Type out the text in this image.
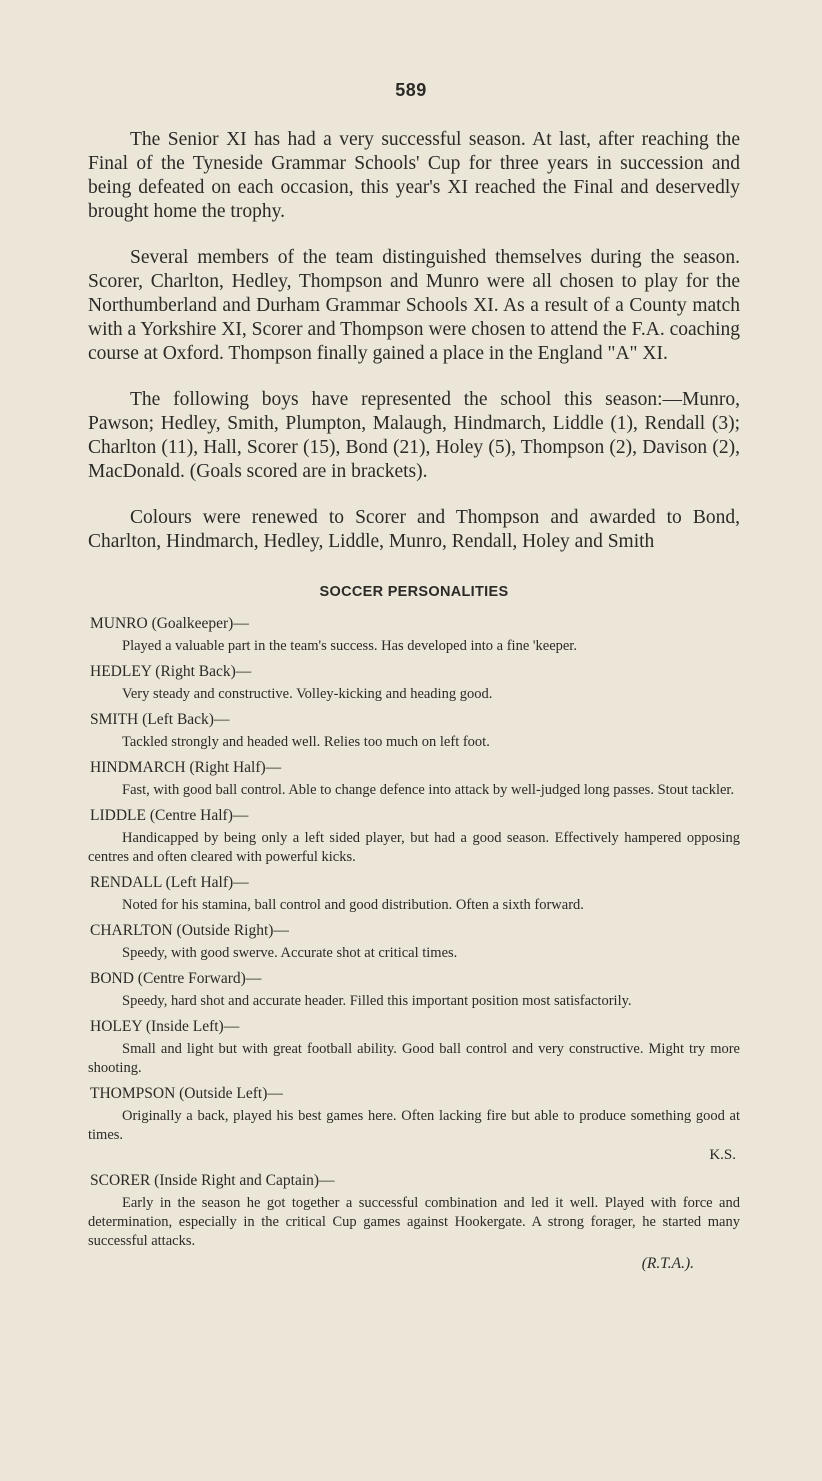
589

The Senior XI has had a very successful season. At last, after reaching the Final of the Tyneside Grammar Schools' Cup for three years in succession and being defeated on each occasion, this year's XI reached the Final and deservedly brought home the trophy.

Several members of the team distinguished themselves during the season. Scorer, Charlton, Hedley, Thompson and Munro were all chosen to play for the Northumberland and Durham Grammar Schools XI. As a result of a County match with a Yorkshire XI, Scorer and Thompson were chosen to attend the F.A. coaching course at Oxford. Thompson finally gained a place in the England "A" XI.

The following boys have represented the school this season:—Munro, Pawson; Hedley, Smith, Plumpton, Malaugh, Hindmarch, Liddle (1), Rendall (3); Charlton (11), Hall, Scorer (15), Bond (21), Holey (5), Thompson (2), Davison (2), MacDonald. (Goals scored are in brackets).

Colours were renewed to Scorer and Thompson and awarded to Bond, Charlton, Hindmarch, Hedley, Liddle, Munro, Rendall, Holey and Smith

SOCCER PERSONALITIES
MUNRO (Goalkeeper)—

Played a valuable part in the team's success. Has developed into a fine 'keeper.

HEDLEY (Right Back)—

Very steady and constructive. Volley-kicking and heading good.

SMITH (Left Back)—

Tackled strongly and headed well. Relies too much on left foot.

HINDMARCH (Right Half)—

Fast, with good ball control. Able to change defence into attack by well-judged long passes. Stout tackler.

LIDDLE (Centre Half)—

Handicapped by being only a left sided player, but had a good season. Effectively hampered opposing centres and often cleared with powerful kicks.

RENDALL (Left Half)—

Noted for his stamina, ball control and good distribution. Often a sixth forward.

CHARLTON (Outside Right)—

Speedy, with good swerve. Accurate shot at critical times.

BOND (Centre Forward)—

Speedy, hard shot and accurate header. Filled this important position most satisfactorily.

HOLEY (Inside Left)—

Small and light but with great football ability. Good ball control and very constructive. Might try more shooting.

THOMPSON (Outside Left)—

Originally a back, played his best games here. Often lacking fire but able to produce something good at times.

K.S.
SCORER (Inside Right and Captain)—

Early in the season he got together a successful combination and led it well. Played with force and determination, especially in the critical Cup games against Hookergate. A strong forager, he started many successful attacks.

(R.T.A.).
